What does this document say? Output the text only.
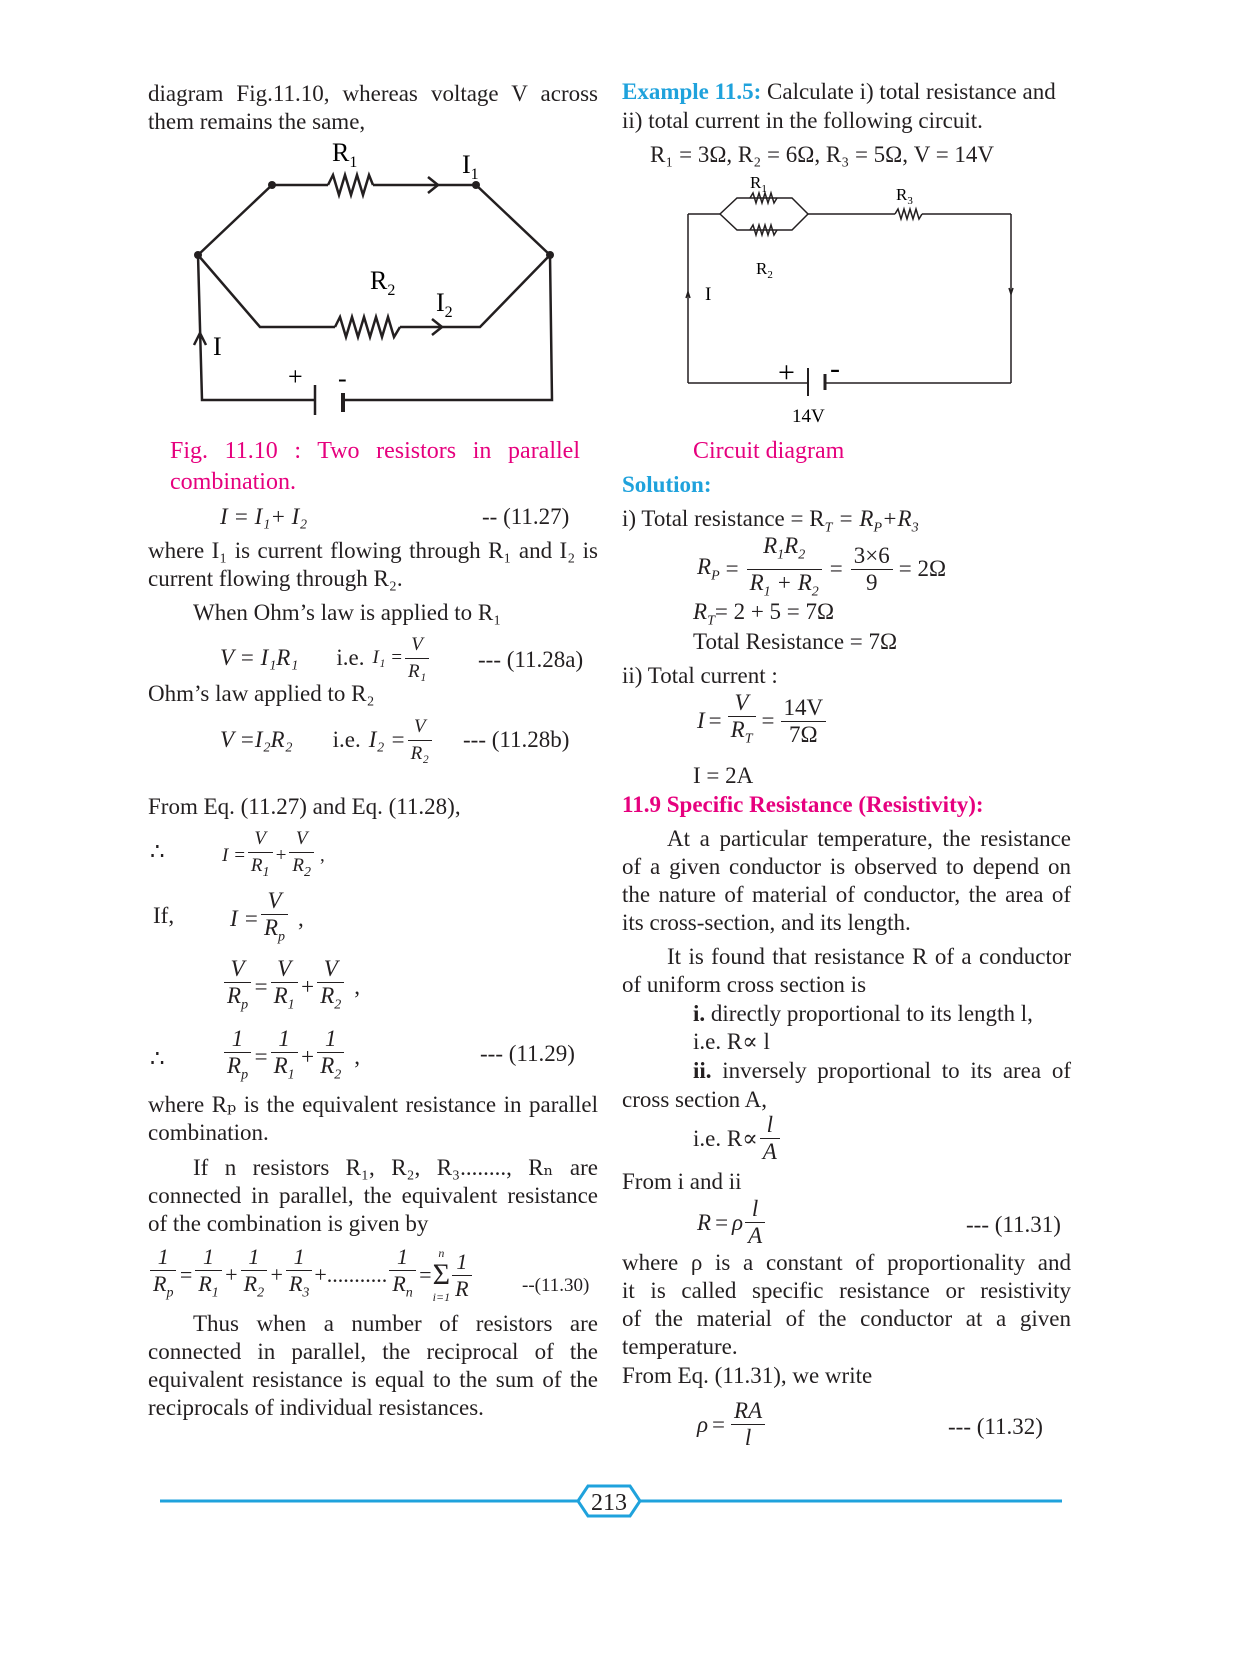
diagram Fig.11.10, whereas voltage V across
them remains the same,
$R_1$	$I_1$
$R_2$ $I_2$
I
+ -
Fig. 11.10 : Two resistors in parallel
combination.
I = I₁+ I₂	-- (11.27)
where I₁ is current flowing through R₁ and I₂ is
current flowing through R₂.
When Ohm’s law is applied to R₁
V = I₁R₁ i.e. $I_1 = \frac{V}{\text{R₁}}$ --- (11.28a)
Ohm’s law applied to R₂
V =I₂R₂ i.e. $I_2 = \frac{V}{\text{R₂}}$ --- (11.28b)
From Eq. (11.27) and Eq. (11.28),
∴	$I = \frac{V}{R_1} + \frac{V}{R_2}$ ,
If, $I = \frac{V}{R_p}$ ,
$\frac{V}{R_p} = \frac{V}{R_1} + \frac{V}{R_2}$ ,
∴	$\frac{1}{R_p} = \frac{1}{R_1} + \frac{1}{R_2}$ ,	--- (11.29)
where Rₚ is the equivalent resistance in parallel
combination.
If n resistors R₁, R₂, R₃........, Rₙ are
connected in parallel, the equivalent resistance
of the combination is given by
$\frac{1}{R_p} = \frac{1}{R_1} + \frac{1}{R_2} + \frac{1}{R_3}$ +........... $\frac{1}{R_n}$ =
n
Σ
$i=1 \frac{1}{R}$	--(11.30)
Thus when a number of resistors are
connected in parallel, the reciprocal of the
equivalent resistance is equal to the sum of the
reciprocals of individual resistances.
Example 11.5: Calculate i) total resistance and
ii) total current in the following circuit.
R₁ = 3Ω, R₂ = 6Ω, R₃ = 5Ω, V = 14V
$R_1$	$R_3$
$R_2$
I
+ -
14V
Circuit diagram
Solution:
i) Total resistance = $R_T = R_P+R_3$
$R_P = \frac{R_1R_2}{R_1 + R_2} = \frac{3\times 6}{9} = 2\Omega$
$R_T= 2 + 5 = 7\Omega$
Total Resistance = 7Ω
ii) Total current :
$I = \frac{V}{R_T} = \frac{14V}{7\Omega}$
I = 2A
11.9 Specific Resistance (Resistivity):
At a particular temperature, the resistance
of a given conductor is observed to depend on
the nature of material of conductor, the area of
its cross-section, and its length.
It is found that resistance R of a conductor
of uniform cross section is
i. directly proportional to its length l,
i.e. R∝ l
ii. inversely proportional to its area of
cross section A,
i.e. $R\propto \frac{l}{A}$
From i and ii
R = ρ $\frac{l}{A}$	--- (11.31)
where ρ is a constant of proportionality and
it is called specific resistance or resistivity
of the material of the conductor at a given
temperature.
From Eq. (11.31), we write
$\rho = \frac{RA}{l}$	--- (11.32)
213
